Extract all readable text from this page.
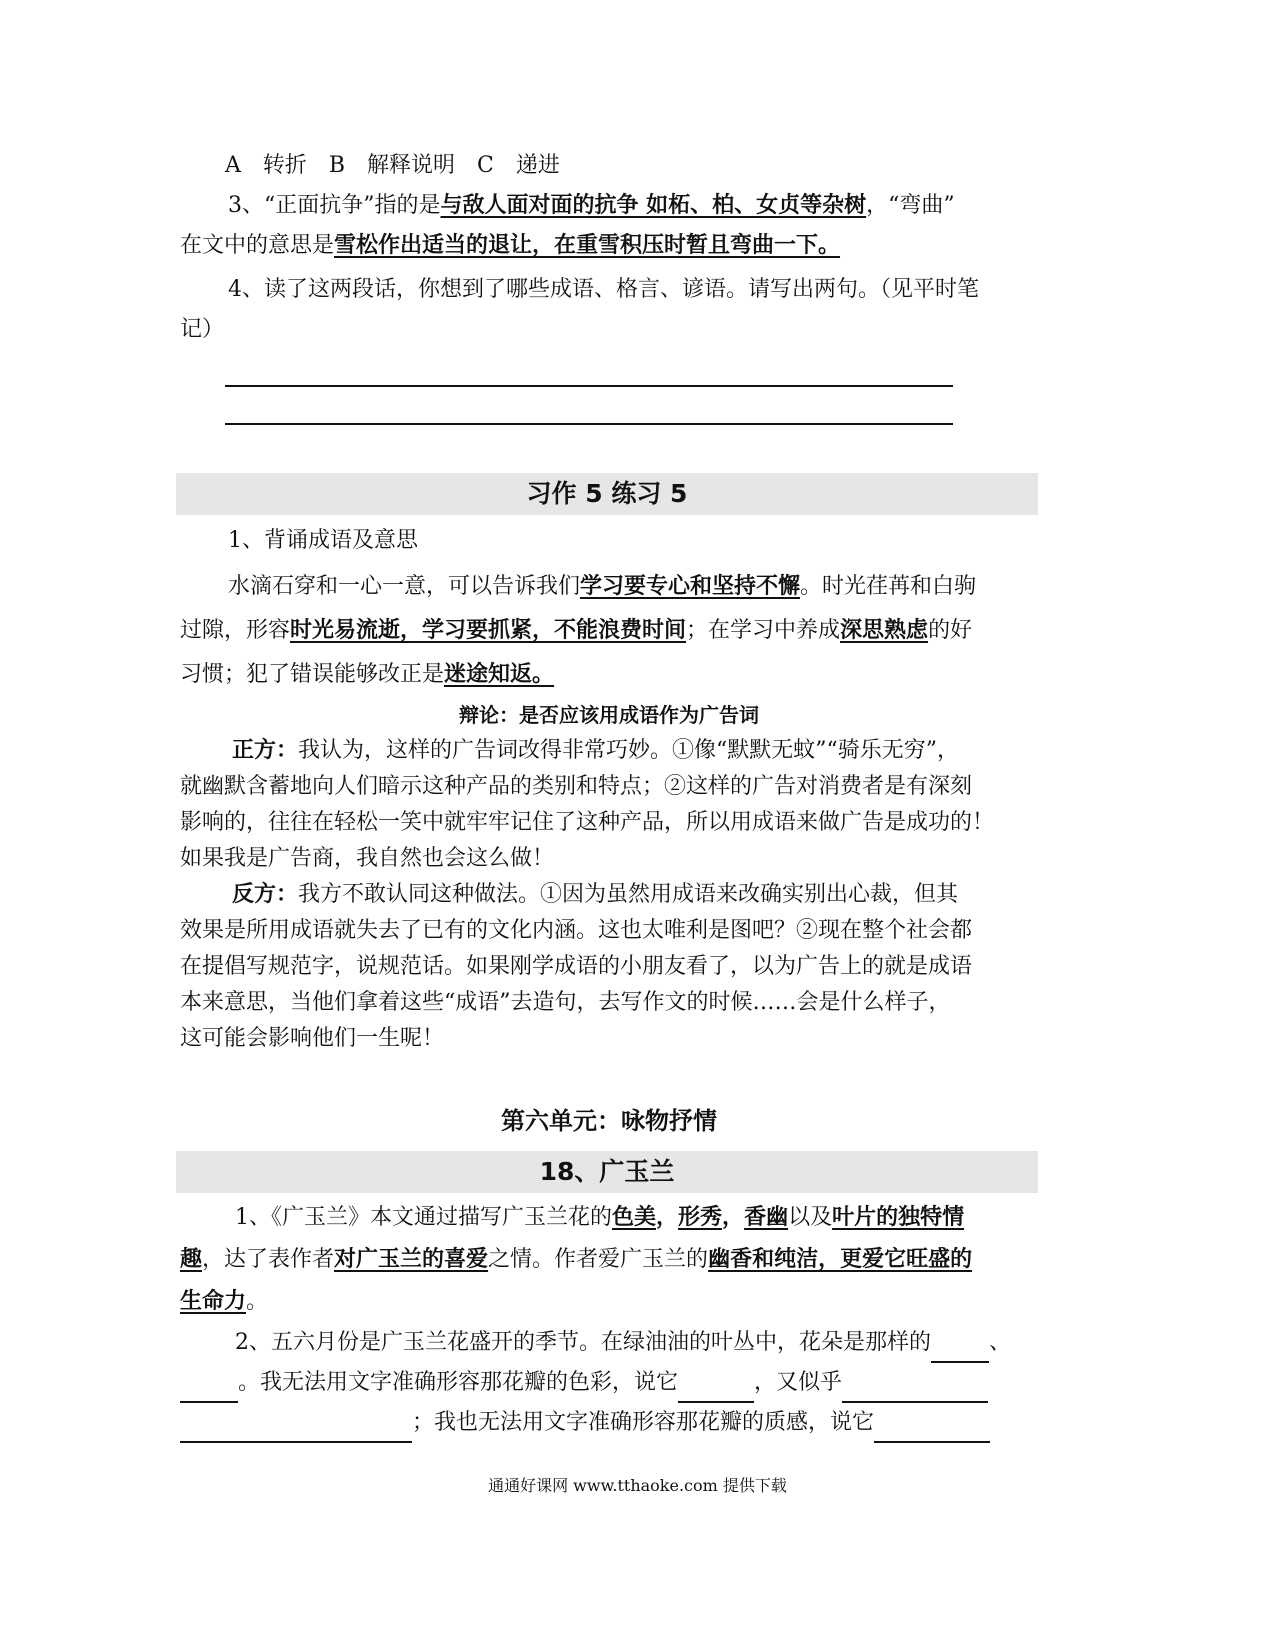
A　转折　B　解释说明　C　递进

3、“正面抗争”指的是与敌人面对面的抗争 如柘、柏、女贞等杂树，“弯曲”

在文中的意思是雪松作出适当的退让，在重雪积压时暂且弯曲一下。

4、读了这两段话，你想到了哪些成语、格言、谚语。请写出两句。（见平时笔

记）

习作 5 练习 5

1、背诵成语及意思

水滴石穿和一心一意，可以告诉我们学习要专心和坚持不懈。时光荏苒和白驹

过隙，形容时光易流逝，学习要抓紧，不能浪费时间；在学习中养成深思熟虑的好

习惯；犯了错误能够改正是迷途知返。

辩论：是否应该用成语作为广告词

正方：我认为，这样的广告词改得非常巧妙。①像“默默无蚊”“骑乐无穷”，

就幽默含蓄地向人们暗示这种产品的类别和特点；②这样的广告对消费者是有深刻

影响的，往往在轻松一笑中就牢牢记住了这种产品，所以用成语来做广告是成功的！

如果我是广告商，我自然也会这么做！

反方：我方不敢认同这种做法。①因为虽然用成语来改确实别出心裁，但其

效果是所用成语就失去了已有的文化内涵。这也太唯利是图吧？②现在整个社会都

在提倡写规范字，说规范话。如果刚学成语的小朋友看了，以为广告上的就是成语

本来意思，当他们拿着这些“成语”去造句，去写作文的时候……会是什么样子，

这可能会影响他们一生呢！

第六单元：咏物抒情

18、广玉兰

1、《广玉兰》本文通过描写广玉兰花的色美，形秀，香幽以及叶片的独特情

趣，达了表作者对广玉兰的喜爱之情。作者爱广玉兰的幽香和纯洁，更爱它旺盛的

生命力。

2、五六月份是广玉兰花盛开的季节。在绿油油的叶丛中，花朵是那样的	、

。我无法用文字准确形容那花瓣的色彩，说它	，又似乎

；我也无法用文字准确形容那花瓣的质感，说它

通通好课网 www.tthaoke.com 提供下载
